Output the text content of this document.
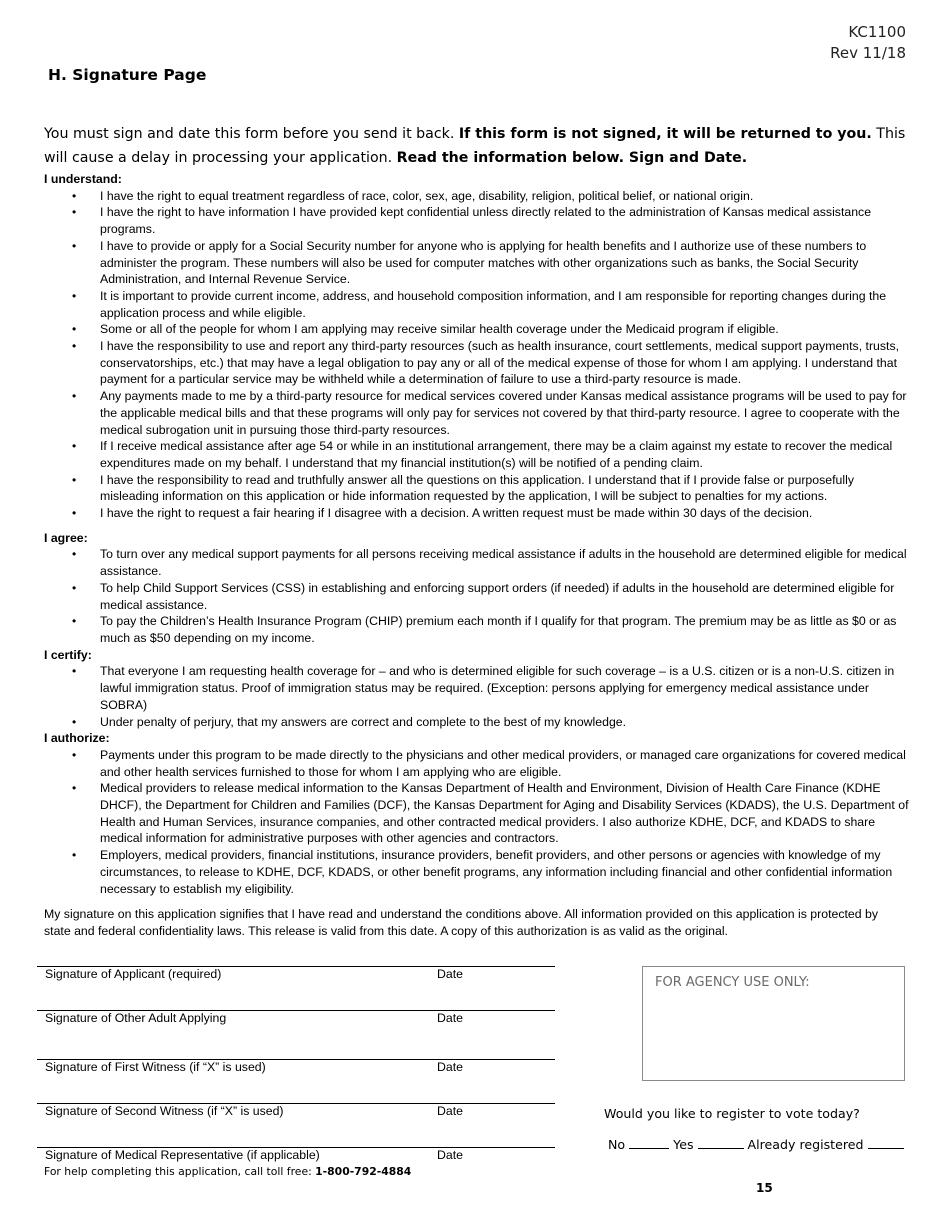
KC1100
Rev 11/18
H. Signature Page
You must sign and date this form before you send it back. If this form is not signed, it will be returned to you. This will cause a delay in processing your application. Read the information below. Sign and Date.
I understand:
• I have the right to equal treatment regardless of race, color, sex, age, disability, religion, political belief, or national origin.
• I have the right to have information I have provided kept confidential unless directly related to the administration of Kansas medical assistance programs.
• I have to provide or apply for a Social Security number for anyone who is applying for health benefits and I authorize use of these numbers to administer the program. These numbers will also be used for computer matches with other organizations such as banks, the Social Security Administration, and Internal Revenue Service.
• It is important to provide current income, address, and household composition information, and I am responsible for reporting changes during the application process and while eligible.
• Some or all of the people for whom I am applying may receive similar health coverage under the Medicaid program if eligible.
• I have the responsibility to use and report any third-party resources (such as health insurance, court settlements, medical support payments, trusts, conservatorships, etc.) that may have a legal obligation to pay any or all of the medical expense of those for whom I am applying. I understand that payment for a particular service may be withheld while a determination of failure to use a third-party resource is made.
• Any payments made to me by a third-party resource for medical services covered under Kansas medical assistance programs will be used to pay for the applicable medical bills and that these programs will only pay for services not covered by that third-party resource. I agree to cooperate with the medical subrogation unit in pursuing those third-party resources.
• If I receive medical assistance after age 54 or while in an institutional arrangement, there may be a claim against my estate to recover the medical expenditures made on my behalf. I understand that my financial institution(s) will be notified of a pending claim.
• I have the responsibility to read and truthfully answer all the questions on this application. I understand that if I provide false or purposefully misleading information on this application or hide information requested by the application, I will be subject to penalties for my actions.
• I have the right to request a fair hearing if I disagree with a decision. A written request must be made within 30 days of the decision.
I agree:
• To turn over any medical support payments for all persons receiving medical assistance if adults in the household are determined eligible for medical assistance.
• To help Child Support Services (CSS) in establishing and enforcing support orders (if needed) if adults in the household are determined eligible for medical assistance.
• To pay the Children’s Health Insurance Program (CHIP) premium each month if I qualify for that program. The premium may be as little as $0 or as much as $50 depending on my income.
I certify:
• That everyone I am requesting health coverage for – and who is determined eligible for such coverage – is a U.S. citizen or is a non-U.S. citizen in lawful immigration status. Proof of immigration status may be required. (Exception: persons applying for emergency medical assistance under SOBRA)
• Under penalty of perjury, that my answers are correct and complete to the best of my knowledge.
I authorize:
• Payments under this program to be made directly to the physicians and other medical providers, or managed care organizations for covered medical and other health services furnished to those for whom I am applying who are eligible.
• Medical providers to release medical information to the Kansas Department of Health and Environment, Division of Health Care Finance (KDHE DHCF), the Department for Children and Families (DCF), the Kansas Department for Aging and Disability Services (KDADS), the U.S. Department of Health and Human Services, insurance companies, and other contracted medical providers. I also authorize KDHE, DCF, and KDADS to share medical information for administrative purposes with other agencies and contractors.
• Employers, medical providers, financial institutions, insurance providers, benefit providers, and other persons or agencies with knowledge of my circumstances, to release to KDHE, DCF, KDADS, or other benefit programs, any information including financial and other confidential information necessary to establish my eligibility.
My signature on this application signifies that I have read and understand the conditions above. All information provided on this application is protected by state and federal confidentiality laws. This release is valid from this date. A copy of this authorization is as valid as the original.
Signature of Applicant (required)	Date
Signature of Other Adult Applying	Date
Signature of First Witness (if “X” is used)	Date
Signature of Second Witness (if “X” is used)	Date
Signature of Medical Representative (if applicable)	Date
FOR AGENCY USE ONLY:
Would you like to register to vote today?
No	Yes	Already registered
For help completing this application, call toll free: 1-800-792-4884
15
